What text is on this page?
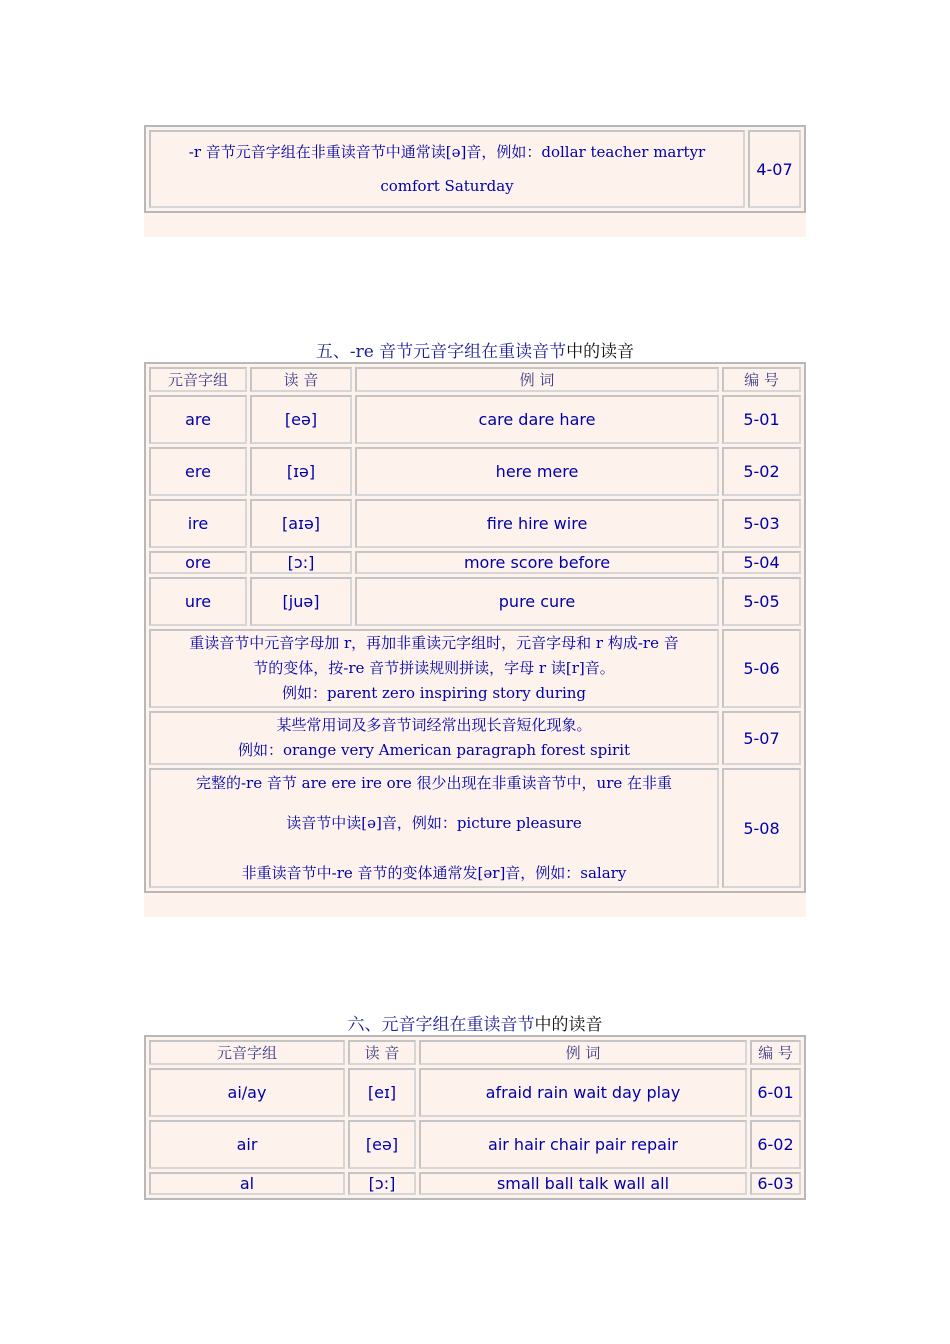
-r 音节元音字组在非重读音节中通常读[ə]音，例如：dollar teacher martyr
comfort Saturday
	4-07
五、-re 音节元音字组在重读音节中的读音
元音字组	读 音	例 词	编 号
are	[eə]	care dare hare	5-01
ere	[ɪə]	here mere	5-02
ire	[aɪə]	fire hire wire	5-03
ore	[ɔ:]	more score before	5-04
ure	[juə]	pure cure	5-05

重读音节中元音字母加 r，再加非重读元字组时，元音字母和 r 构成-re 音
节的变体，按-re 音节拼读规则拼读，字母 r 读[r]音。
例如：parent zero inspiring story during			5-06

某些常用词及多音节词经常出现长音短化现象。
例如：orange very American paragraph forest spirit			5-07

完整的-re 音节 are ere ire ore 很少出现在非重读音节中，ure 在非重
读音节中读[ə]音，例如：picture pleasure
非重读音节中-re 音节的变体通常发[ər]音，例如：salary			5-08
六、元音字组在重读音节中的读音
元音字组	读 音	例 词	编 号
ai/ay	[eɪ]	afraid rain wait day play	6-01
air	[eə]	air hair chair pair repair	6-02
al	[ɔ:]	small ball talk wall all	6-03
